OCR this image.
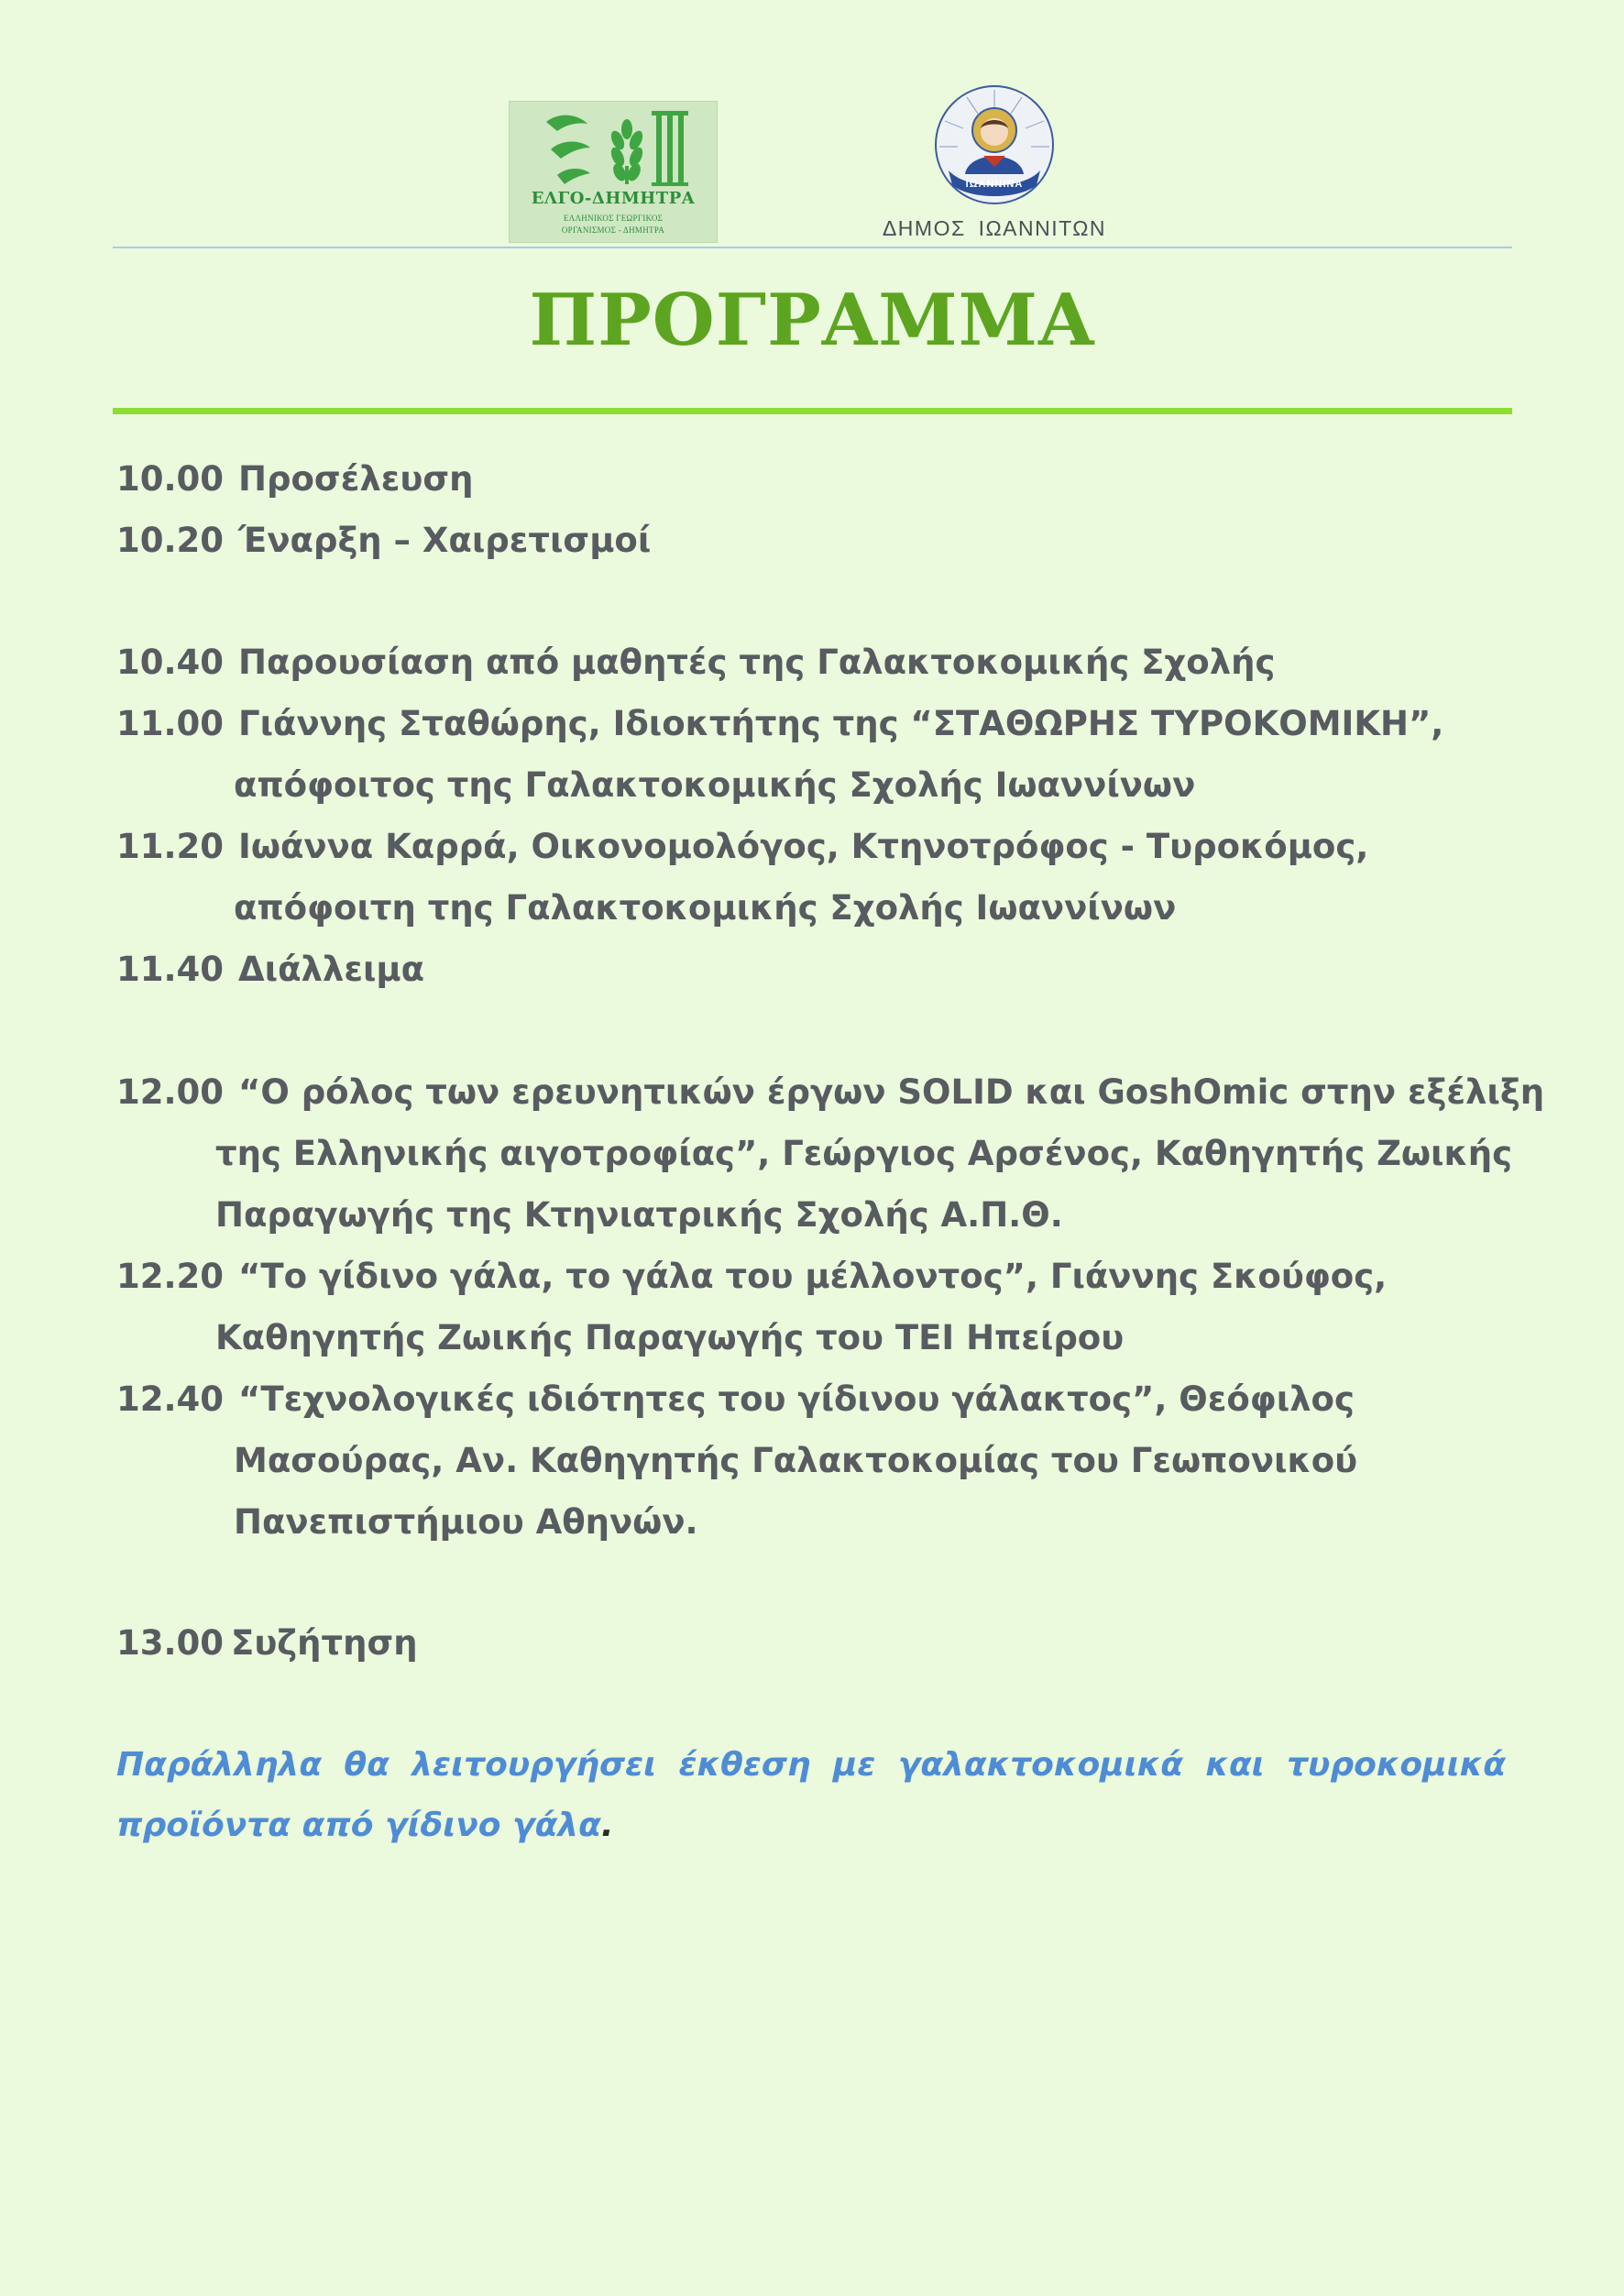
ΕΛΓΟ-ΔΗΜΗΤΡΑ
ΕΛΛΗΝΙΚΟΣ ΓΕΩΡΓΙΚΟΣ
ΟΡΓΑΝΙΣΜΟΣ - ΔΗΜΗΤΡΑ
ΙΩΑΝΝΙΝΑ
ΔΗΜΟΣ ΙΩΑΝΝΙΤΩΝ
ΠΡΟΓΡΑΜΜΑ
10.00 Προσέλευση
10.20 Έναρξη – Χαιρετισμοί
10.40 Παρουσίαση από μαθητές της Γαλακτοκομικής Σχολής
11.00 Γιάννης Σταθώρης, Ιδιοκτήτης της “ΣΤΑΘΩΡΗΣ ΤΥΡΟΚΟΜΙΚΗ”,
απόφοιτος της Γαλακτοκομικής Σχολής Ιωαννίνων
11.20 Ιωάννα Καρρά, Οικονομολόγος, Κτηνοτρόφος - Τυροκόμος,
απόφοιτη της Γαλακτοκομικής Σχολής Ιωαννίνων
11.40 Διάλλειμα
12.00 “Ο ρόλος των ερευνητικών έργων SOLID και GoshOmic στην εξέλιξη
της Ελληνικής αιγοτροφίας”, Γεώργιος Αρσένος, Καθηγητής Ζωικής
Παραγωγής της Κτηνιατρικής Σχολής Α.Π.Θ.
12.20 “Το γίδινο γάλα, το γάλα του μέλλοντος”, Γιάννης Σκούφος,
Καθηγητής Ζωικής Παραγωγής του ΤΕΙ Ηπείρου
12.40 “Τεχνολογικές ιδιότητες του γίδινου γάλακτος”, Θεόφιλος
Μασούρας, Αν. Καθηγητής Γαλακτοκομίας του Γεωπονικού
Πανεπιστήμιου Αθηνών.
13.00 Συζήτηση
Παράλληλα θα λειτουργήσει έκθεση με γαλακτοκομικά και τυροκομικά προϊόντα από γίδινο γάλα.
